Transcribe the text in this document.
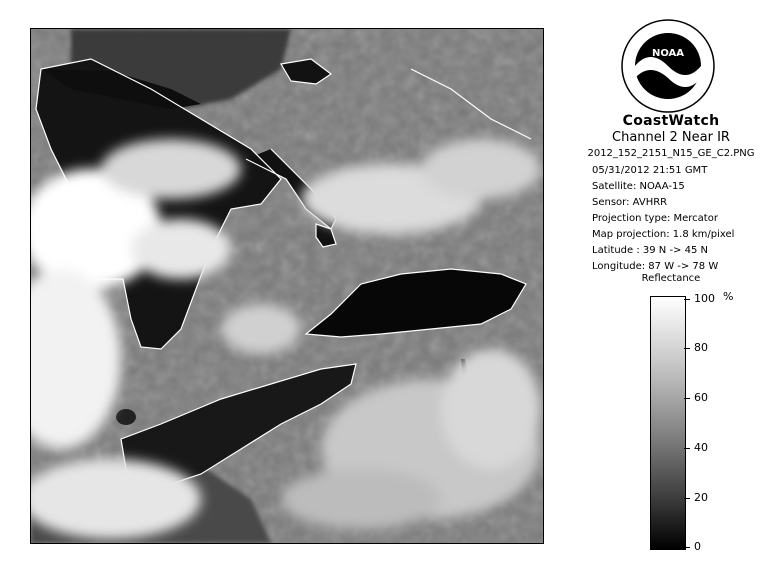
NOAA
CoastWatch
Channel 2 Near IR
2012_152_2151_N15_GE_C2.PNG
05/31/2012 21:51 GMT
Satellite: NOAA-15
Sensor: AVHRR
Projection type: Mercator
Map projection: 1.8 km/pixel
Latitude : 39 N -> 45 N
Longitude: 87 W -> 78 W
Reflectance
%
100
80
60
40
20
0
